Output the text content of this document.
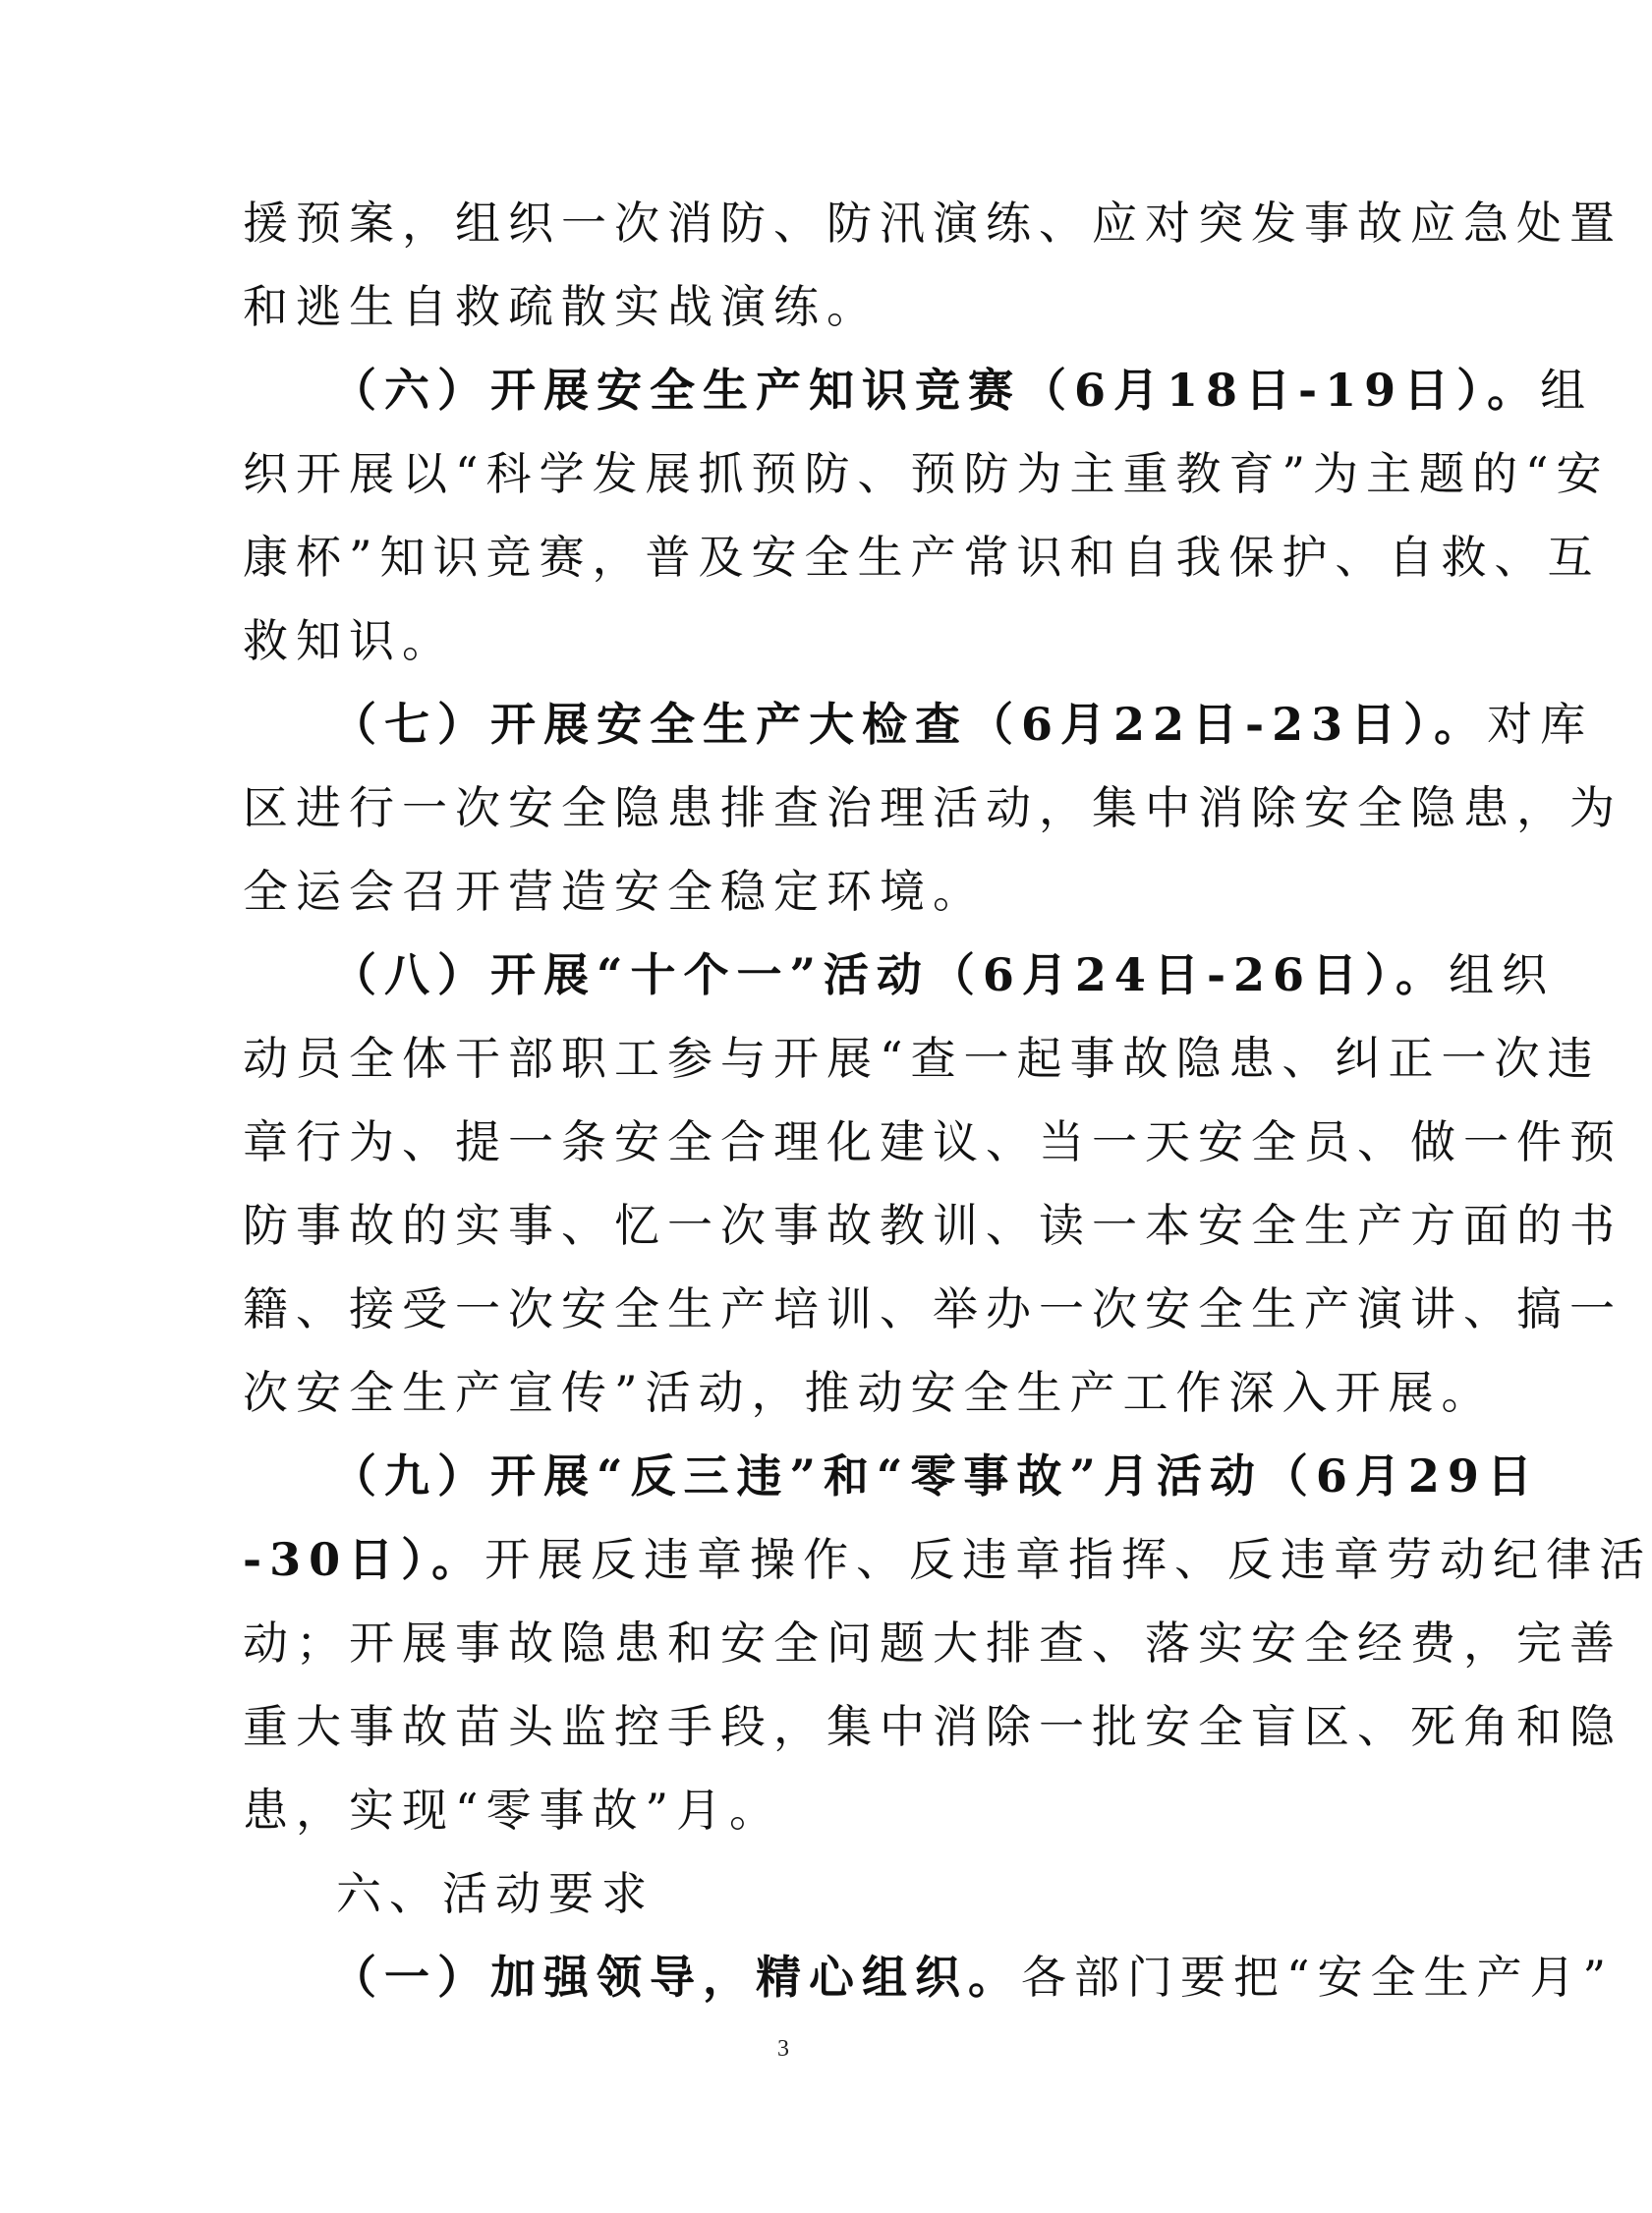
援预案，组织一次消防、防汛演练、应对突发事故应急处置
和逃生自救疏散实战演练。
（六）开展安全生产知识竞赛（6月18日-19日）。组
织开展以“科学发展抓预防、预防为主重教育”为主题的“安
康杯”知识竞赛，普及安全生产常识和自我保护、自救、互
救知识。
（七）开展安全生产大检查（6月22日-23日）。对库
区进行一次安全隐患排查治理活动，集中消除安全隐患，为
全运会召开营造安全稳定环境。
（八）开展“十个一”活动（6月24日-26日）。组织
动员全体干部职工参与开展“查一起事故隐患、纠正一次违
章行为、提一条安全合理化建议、当一天安全员、做一件预
防事故的实事、忆一次事故教训、读一本安全生产方面的书
籍、接受一次安全生产培训、举办一次安全生产演讲、搞一
次安全生产宣传”活动，推动安全生产工作深入开展。
（九）开展“反三违”和“零事故”月活动（6月29日
-30日）。开展反违章操作、反违章指挥、反违章劳动纪律活
动；开展事故隐患和安全问题大排查、落实安全经费，完善
重大事故苗头监控手段，集中消除一批安全盲区、死角和隐
患，实现“零事故”月。
六、活动要求
（一）加强领导，精心组织。各部门要把“安全生产月”
3
